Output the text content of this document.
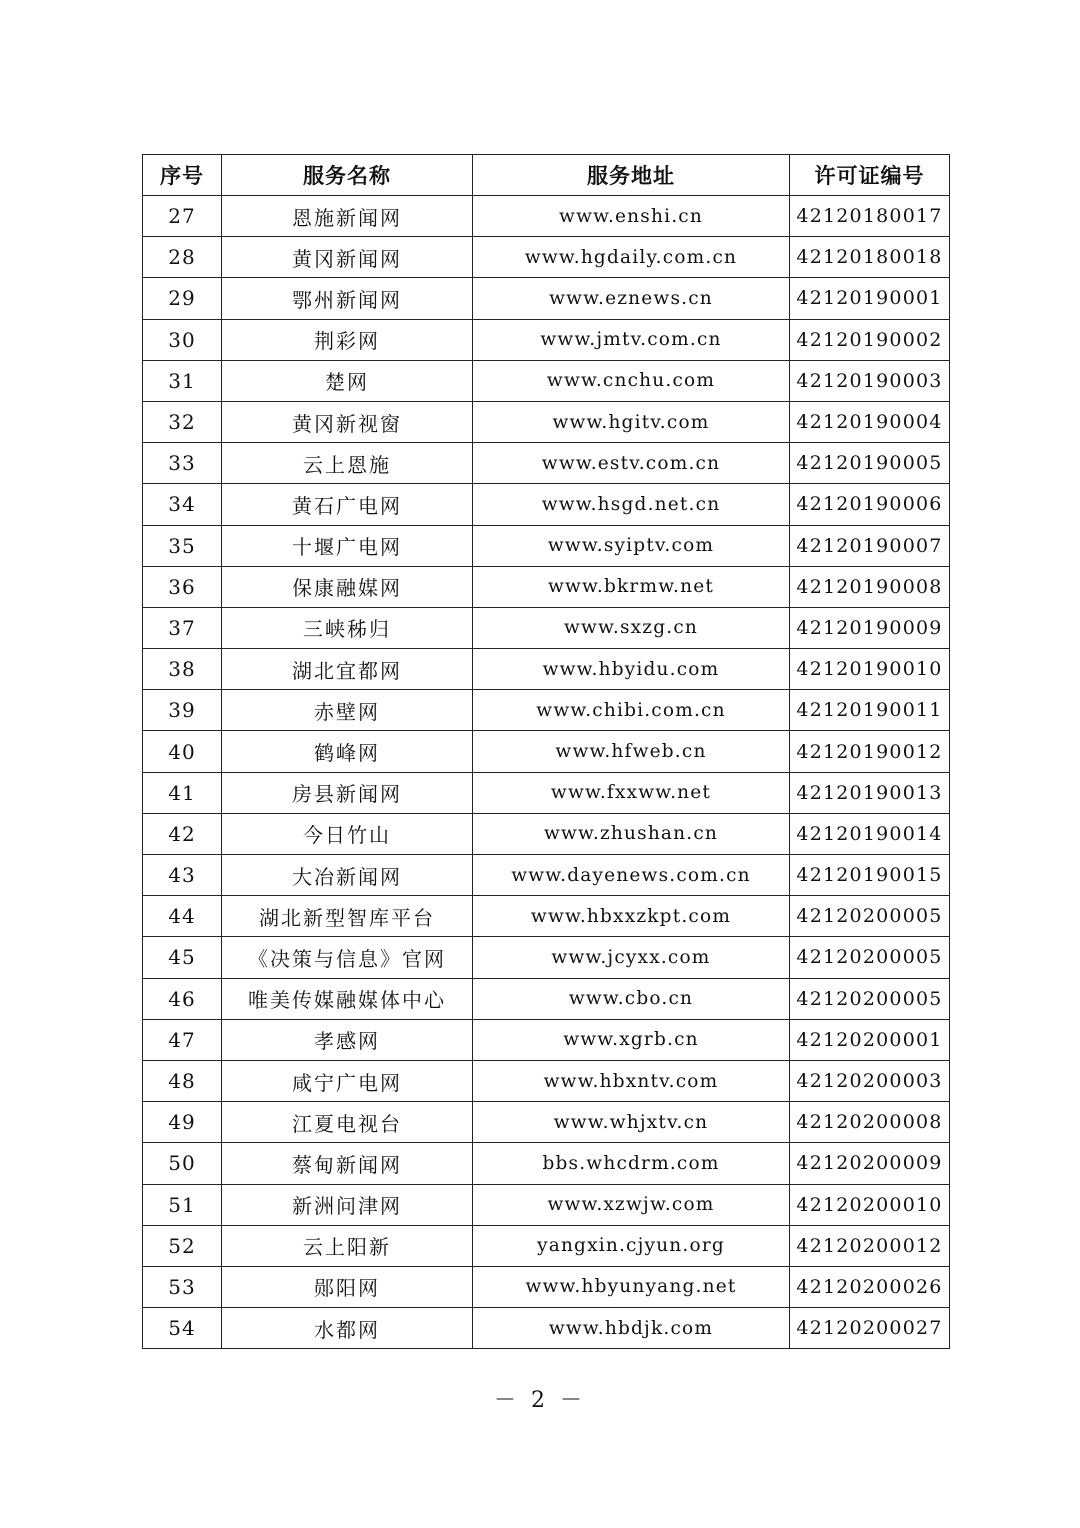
序号	服务名称	服务地址	许可证编号
27	恩施新闻网	www.enshi.cn	42120180017
28	黄冈新闻网	www.hgdaily.com.cn	42120180018
29	鄂州新闻网	www.eznews.cn	42120190001
30	荆彩网	www.jmtv.com.cn	42120190002
31	楚网	www.cnchu.com	42120190003
32	黄冈新视窗	www.hgitv.com	42120190004
33	云上恩施	www.estv.com.cn	42120190005
34	黄石广电网	www.hsgd.net.cn	42120190006
35	十堰广电网	www.syiptv.com	42120190007
36	保康融媒网	www.bkrmw.net	42120190008
37	三峡秭归	www.sxzg.cn	42120190009
38	湖北宜都网	www.hbyidu.com	42120190010
39	赤壁网	www.chibi.com.cn	42120190011
40	鹤峰网	www.hfweb.cn	42120190012
41	房县新闻网	www.fxxww.net	42120190013
42	今日竹山	www.zhushan.cn	42120190014
43	大冶新闻网	www.dayenews.com.cn	42120190015
44	湖北新型智库平台	www.hbxxzkpt.com	42120200005
45	《决策与信息》官网	www.jcyxx.com	42120200005
46	唯美传媒融媒体中心	www.cbo.cn	42120200005
47	孝感网	www.xgrb.cn	42120200001
48	咸宁广电网	www.hbxntv.com	42120200003
49	江夏电视台	www.whjxtv.cn	42120200008
50	蔡甸新闻网	bbs.whcdrm.com	42120200009
51	新洲问津网	www.xzwjw.com	42120200010
52	云上阳新	yangxin.cjyun.org	42120200012
53	郧阳网	www.hbyunyang.net	42120200026
54	水都网	www.hbdjk.com	42120200027
－ 2 －
